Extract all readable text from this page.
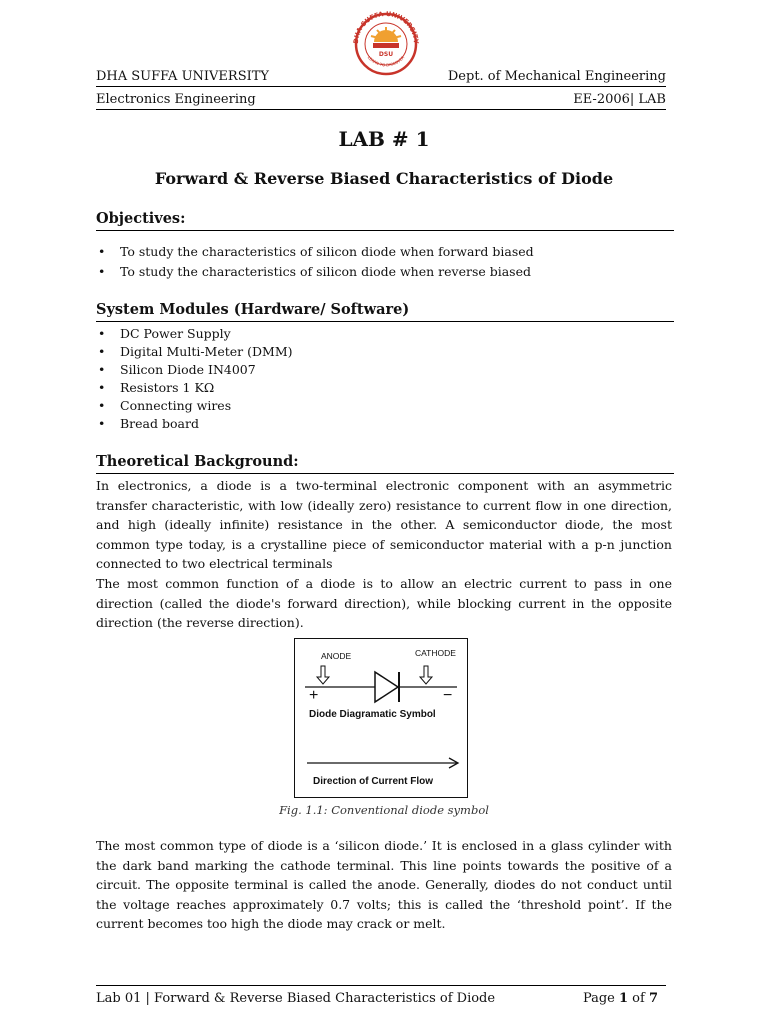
DHA SUFFA UNIVERSITY
LEARN TO DISCOVER
DSU
DHA SUFFA UNIVERSITY	Dept. of Mechanical Engineering
Electronics Engineering	EE-2006| LAB
LAB # 1
Forward & Reverse Biased Characteristics of Diode
Objectives:
• To study the characteristics of silicon diode when forward biased
• To study the characteristics of silicon diode when reverse biased
System Modules (Hardware/ Software)
• DC Power Supply
• Digital Multi-Meter (DMM)
• Silicon Diode IN4007
• Resistors 1 KΩ
• Connecting wires
• Bread board
Theoretical Background:
In electronics, a diode is a two-terminal electronic component with an asymmetric transfer characteristic, with low (ideally zero) resistance to current flow in one direction, and high (ideally infinite) resistance in the other. A semiconductor diode, the most common type today, is a crystalline piece of semiconductor material with a p-n junction connected to two electrical terminals
The most common function of a diode is to allow an electric current to pass in one direction (called the diode's forward direction), while blocking current in the opposite direction (the reverse direction).
ANODE	CATHODE
+	−
Diode Diagramatic Symbol
Direction of Current Flow
Fig. 1.1: Conventional diode symbol
The most common type of diode is a ‘silicon diode.’ It is enclosed in a glass cylinder with the dark band marking the cathode terminal. This line points towards the positive of a circuit. The opposite terminal is called the anode. Generally, diodes do not conduct until the voltage reaches approximately 0.7 volts; this is called the ‘threshold point’. If the current becomes too high the diode may crack or melt.
Lab 01 | Forward & Reverse Biased Characteristics of Diode	Page 1 of 7
